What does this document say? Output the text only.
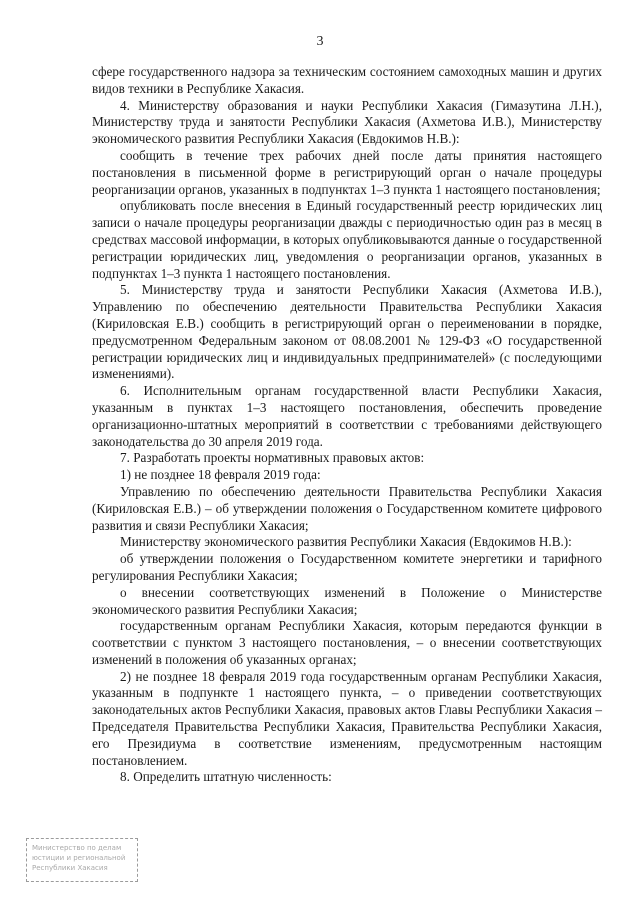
3

сфере государственного надзора за техническим состоянием самоходных машин и других видов техники в Республике Хакасия.

4. Министерству образования и науки Республики Хакасия (Гимазутина Л.Н.), Министерству труда и занятости Республики Хакасия (Ахметова И.В.), Министерству экономического развития Республики Хакасия (Евдокимов Н.В.):

сообщить в течение трех рабочих дней после даты принятия настоящего постановления в письменной форме в регистрирующий орган о начале процедуры реорганизации органов, указанных в подпунктах 1–3 пункта 1 настоящего постановления;

опубликовать после внесения в Единый государственный реестр юридических лиц записи о начале процедуры реорганизации дважды с периодичностью один раз в месяц в средствах массовой информации, в которых опубликовываются данные о государственной регистрации юридических лиц, уведомления о реорганизации органов, указанных в подпунктах 1–3 пункта 1 настоящего постановления.

5. Министерству труда и занятости Республики Хакасия (Ахметова И.В.), Управлению по обеспечению деятельности Правительства Республики Хакасия (Кириловская Е.В.) сообщить в регистрирующий орган о переименовании в порядке, предусмотренном Федеральным законом от 08.08.2001 № 129-ФЗ «О государственной регистрации юридических лиц и индивидуальных предпринимателей» (с последующими изменениями).

6. Исполнительным органам государственной власти Республики Хакасия, указанным в пунктах 1–3 настоящего постановления, обеспечить проведение организационно-штатных мероприятий в соответствии с требованиями действующего законодательства до 30 апреля 2019 года.

7. Разработать проекты нормативных правовых актов:

1) не позднее 18 февраля 2019 года:

Управлению по обеспечению деятельности Правительства Республики Хакасия (Кириловская Е.В.) – об утверждении положения о Государственном комитете цифрового развития и связи Республики Хакасия;

Министерству экономического развития Республики Хакасия (Евдокимов Н.В.):

об утверждении положения о Государственном комитете энергетики и тарифного регулирования Республики Хакасия;

о внесении соответствующих изменений в Положение о Министерстве экономического развития Республики Хакасия;

государственным органам Республики Хакасия, которым передаются функции в соответствии с пунктом 3 настоящего постановления, – о внесении соответствующих изменений в положения об указанных органах;

2) не позднее 18 февраля 2019 года государственным органам Республики Хакасия, указанным в подпункте 1 настоящего пункта, – о приведении соответствующих законодательных актов Республики Хакасия, правовых актов Главы Республики Хакасия – Председателя Правительства Республики Хакасия, Правительства Республики Хакасия, его Президиума в соответствие изменениям, предусмотренным настоящим постановлением.

8. Определить штатную численность:

Министерство по делам
юстиции и региональной
Республики Хакасия
